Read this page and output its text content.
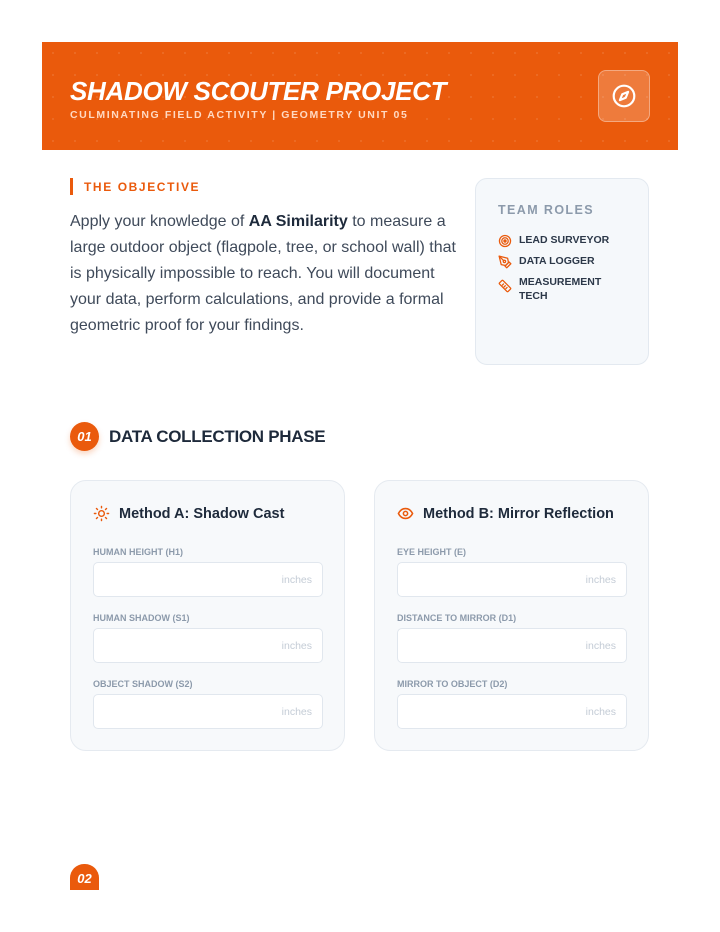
SHADOW SCOUTER PROJECT
CULMINATING FIELD ACTIVITY | GEOMETRY UNIT 05
THE OBJECTIVE
Apply your knowledge of AA Similarity to measure a large outdoor object (flagpole, tree, or school wall) that is physically impossible to reach. You will document your data, perform calculations, and provide a formal geometric proof for your findings.
TEAM ROLES
LEAD SURVEYOR
DATA LOGGER
MEASUREMENT TECH
01	DATA COLLECTION PHASE
Method A: Shadow Cast
HUMAN HEIGHT (H1)
inches
HUMAN SHADOW (S1)
inches
OBJECT SHADOW (S2)
inches
Method B: Mirror Reflection
EYE HEIGHT (E)
inches
DISTANCE TO MIRROR (D1)
inches
MIRROR TO OBJECT (D2)
inches
02
